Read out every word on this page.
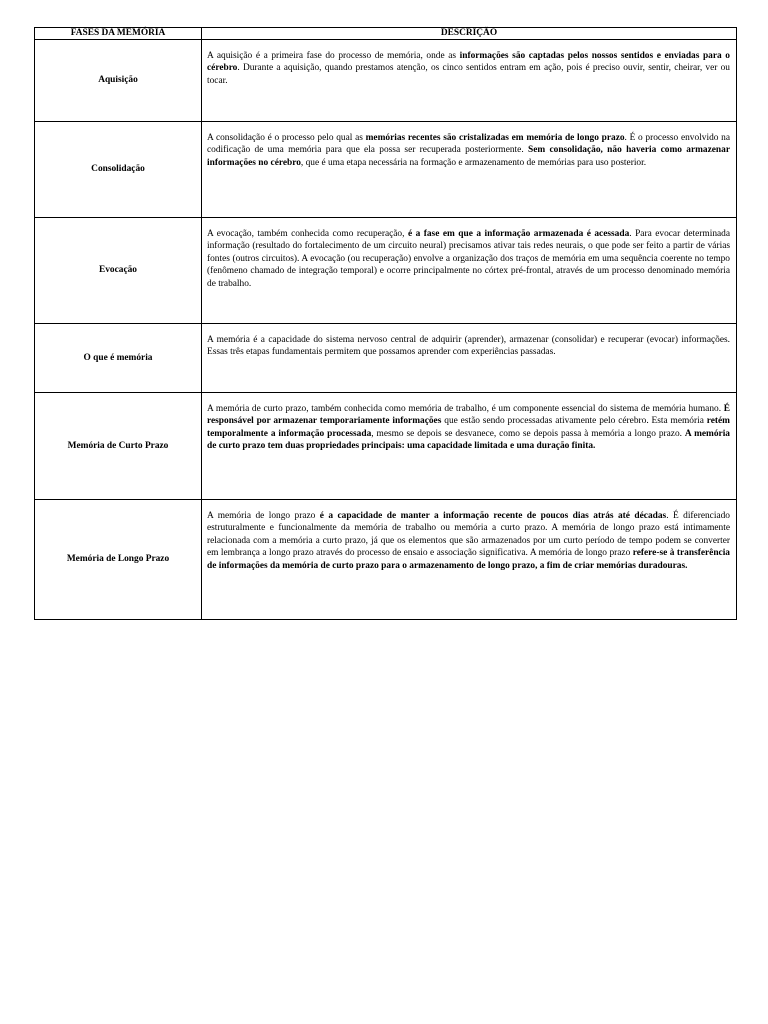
FASES DA MEMÓRIA	DESCRIÇÃO
Aquisição	A aquisição é a primeira fase do processo de memória, onde as informações são captadas pelos nossos sentidos e enviadas para o cérebro. Durante a aquisição, quando prestamos atenção, os cinco sentidos entram em ação, pois é preciso ouvir, sentir, cheirar, ver ou tocar.
Consolidação	A consolidação é o processo pelo qual as memórias recentes são cristalizadas em memória de longo prazo. É o processo envolvido na codificação de uma memória para que ela possa ser recuperada posteriormente. Sem consolidação, não haveria como armazenar informações no cérebro, que é uma etapa necessária na formação e armazenamento de memórias para uso posterior.
Evocação	A evocação, também conhecida como recuperação, é a fase em que a informação armazenada é acessada. Para evocar determinada informação (resultado do fortalecimento de um circuito neural) precisamos ativar tais redes neurais, o que pode ser feito a partir de várias fontes (outros circuitos). A evocação (ou recuperação) envolve a organização dos traços de memória em uma sequência coerente no tempo (fenômeno chamado de integração temporal) e ocorre principalmente no córtex pré-frontal, através de um processo denominado memória de trabalho.
O que é memória	A memória é a capacidade do sistema nervoso central de adquirir (aprender), armazenar (consolidar) e recuperar (evocar) informações. Essas três etapas fundamentais permitem que possamos aprender com experiências passadas.
Memória de Curto Prazo	A memória de curto prazo, também conhecida como memória de trabalho, é um componente essencial do sistema de memória humano. É responsável por armazenar temporariamente informações que estão sendo processadas ativamente pelo cérebro. Esta memória retém temporalmente a informação processada, mesmo se depois se desvanece, como se depois passa à memória a longo prazo. A memória de curto prazo tem duas propriedades principais: uma capacidade limitada e uma duração finita.
Memória de Longo Prazo	A memória de longo prazo é a capacidade de manter a informação recente de poucos dias atrás até décadas. É diferenciado estruturalmente e funcionalmente da memória de trabalho ou memória a curto prazo. A memória de longo prazo está intimamente relacionada com a memória a curto prazo, já que os elementos que são armazenados por um curto período de tempo podem se converter em lembrança a longo prazo através do processo de ensaio e associação significativa. A memória de longo prazo refere-se à transferência de informações da memória de curto prazo para o armazenamento de longo prazo, a fim de criar memórias duradouras.
